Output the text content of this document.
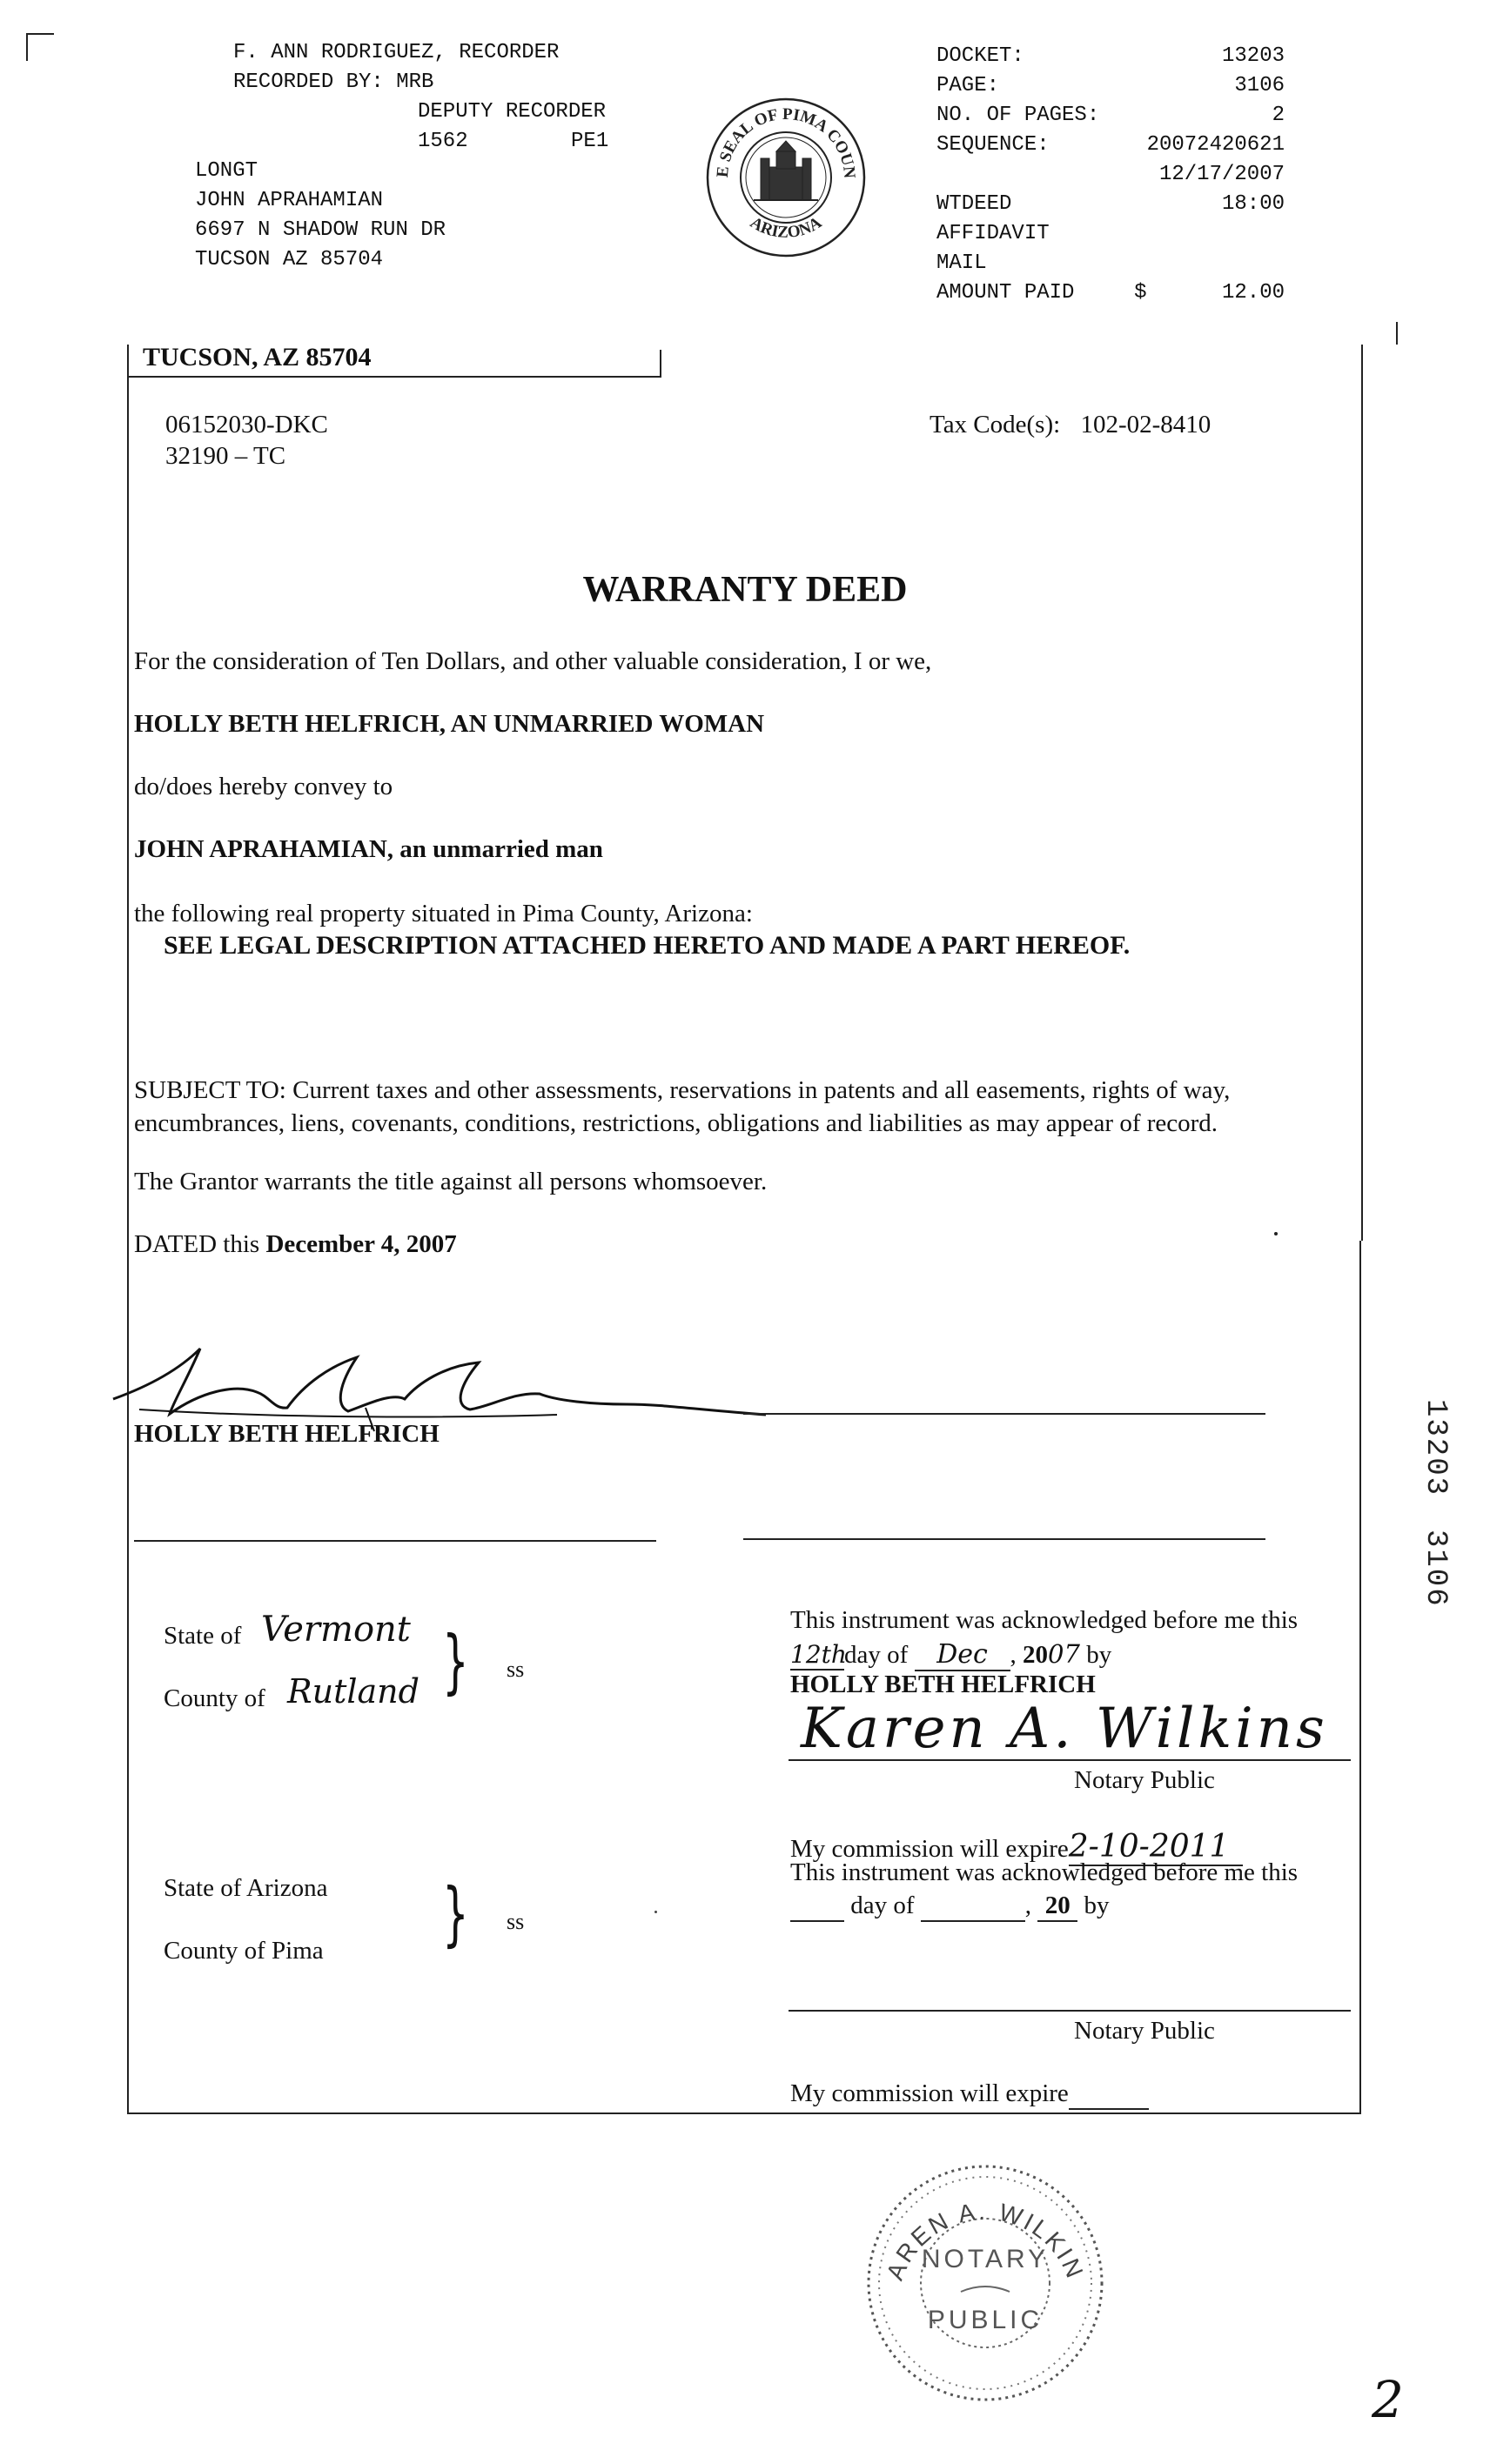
F. ANN RODRIGUEZ, RECORDER
RECORDED BY: MRB
DEPUTY RECORDER
1562	PE1
LONGT
JOHN APRAHAMIAN
6697 N SHADOW RUN DR
TUCSON AZ 85704
E SEAL OF PIMA COUN
ARIZONA
DOCKET:	13203
PAGE:	3106
NO. OF PAGES:	2
SEQUENCE:	20072420621
12/17/2007
WTDEED	18:00
AFFIDAVIT
MAIL
AMOUNT PAID	$      12.00
TUCSON, AZ 85704
06152030-DKC
32190 – TC
Tax Code(s): 102-02-8410
WARRANTY DEED
For the consideration of Ten Dollars, and other valuable consideration, I or we,
HOLLY BETH HELFRICH, AN UNMARRIED WOMAN
do/does hereby convey to
JOHN APRAHAMIAN, an unmarried man
the following real property situated in Pima County, Arizona:
SEE LEGAL DESCRIPTION ATTACHED HERETO AND MADE A PART HEREOF.
SUBJECT TO: Current taxes and other assessments, reservations in patents and all easements, rights of way,
encumbrances, liens, covenants, conditions, restrictions, obligations and liabilities as may appear of record.
The Grantor warrants the title against all persons whomsoever.
DATED this December 4, 2007
HOLLY BETH HELFRICH
State of Vermont
County of Rutland } ss
This instrument was acknowledged before me this
12thday of Dec , 2007 by
HOLLY BETH HELFRICH
Karen A. Wilkins
Notary Public
My commission will expire2-10-2011
State of Arizona
County of Pima } ss
This instrument was acknowledged before me this
day of	, 20 by
Notary Public
My commission will expire
AREN A. WILKIN
NOTARY
PUBLIC
13203
3106
2
